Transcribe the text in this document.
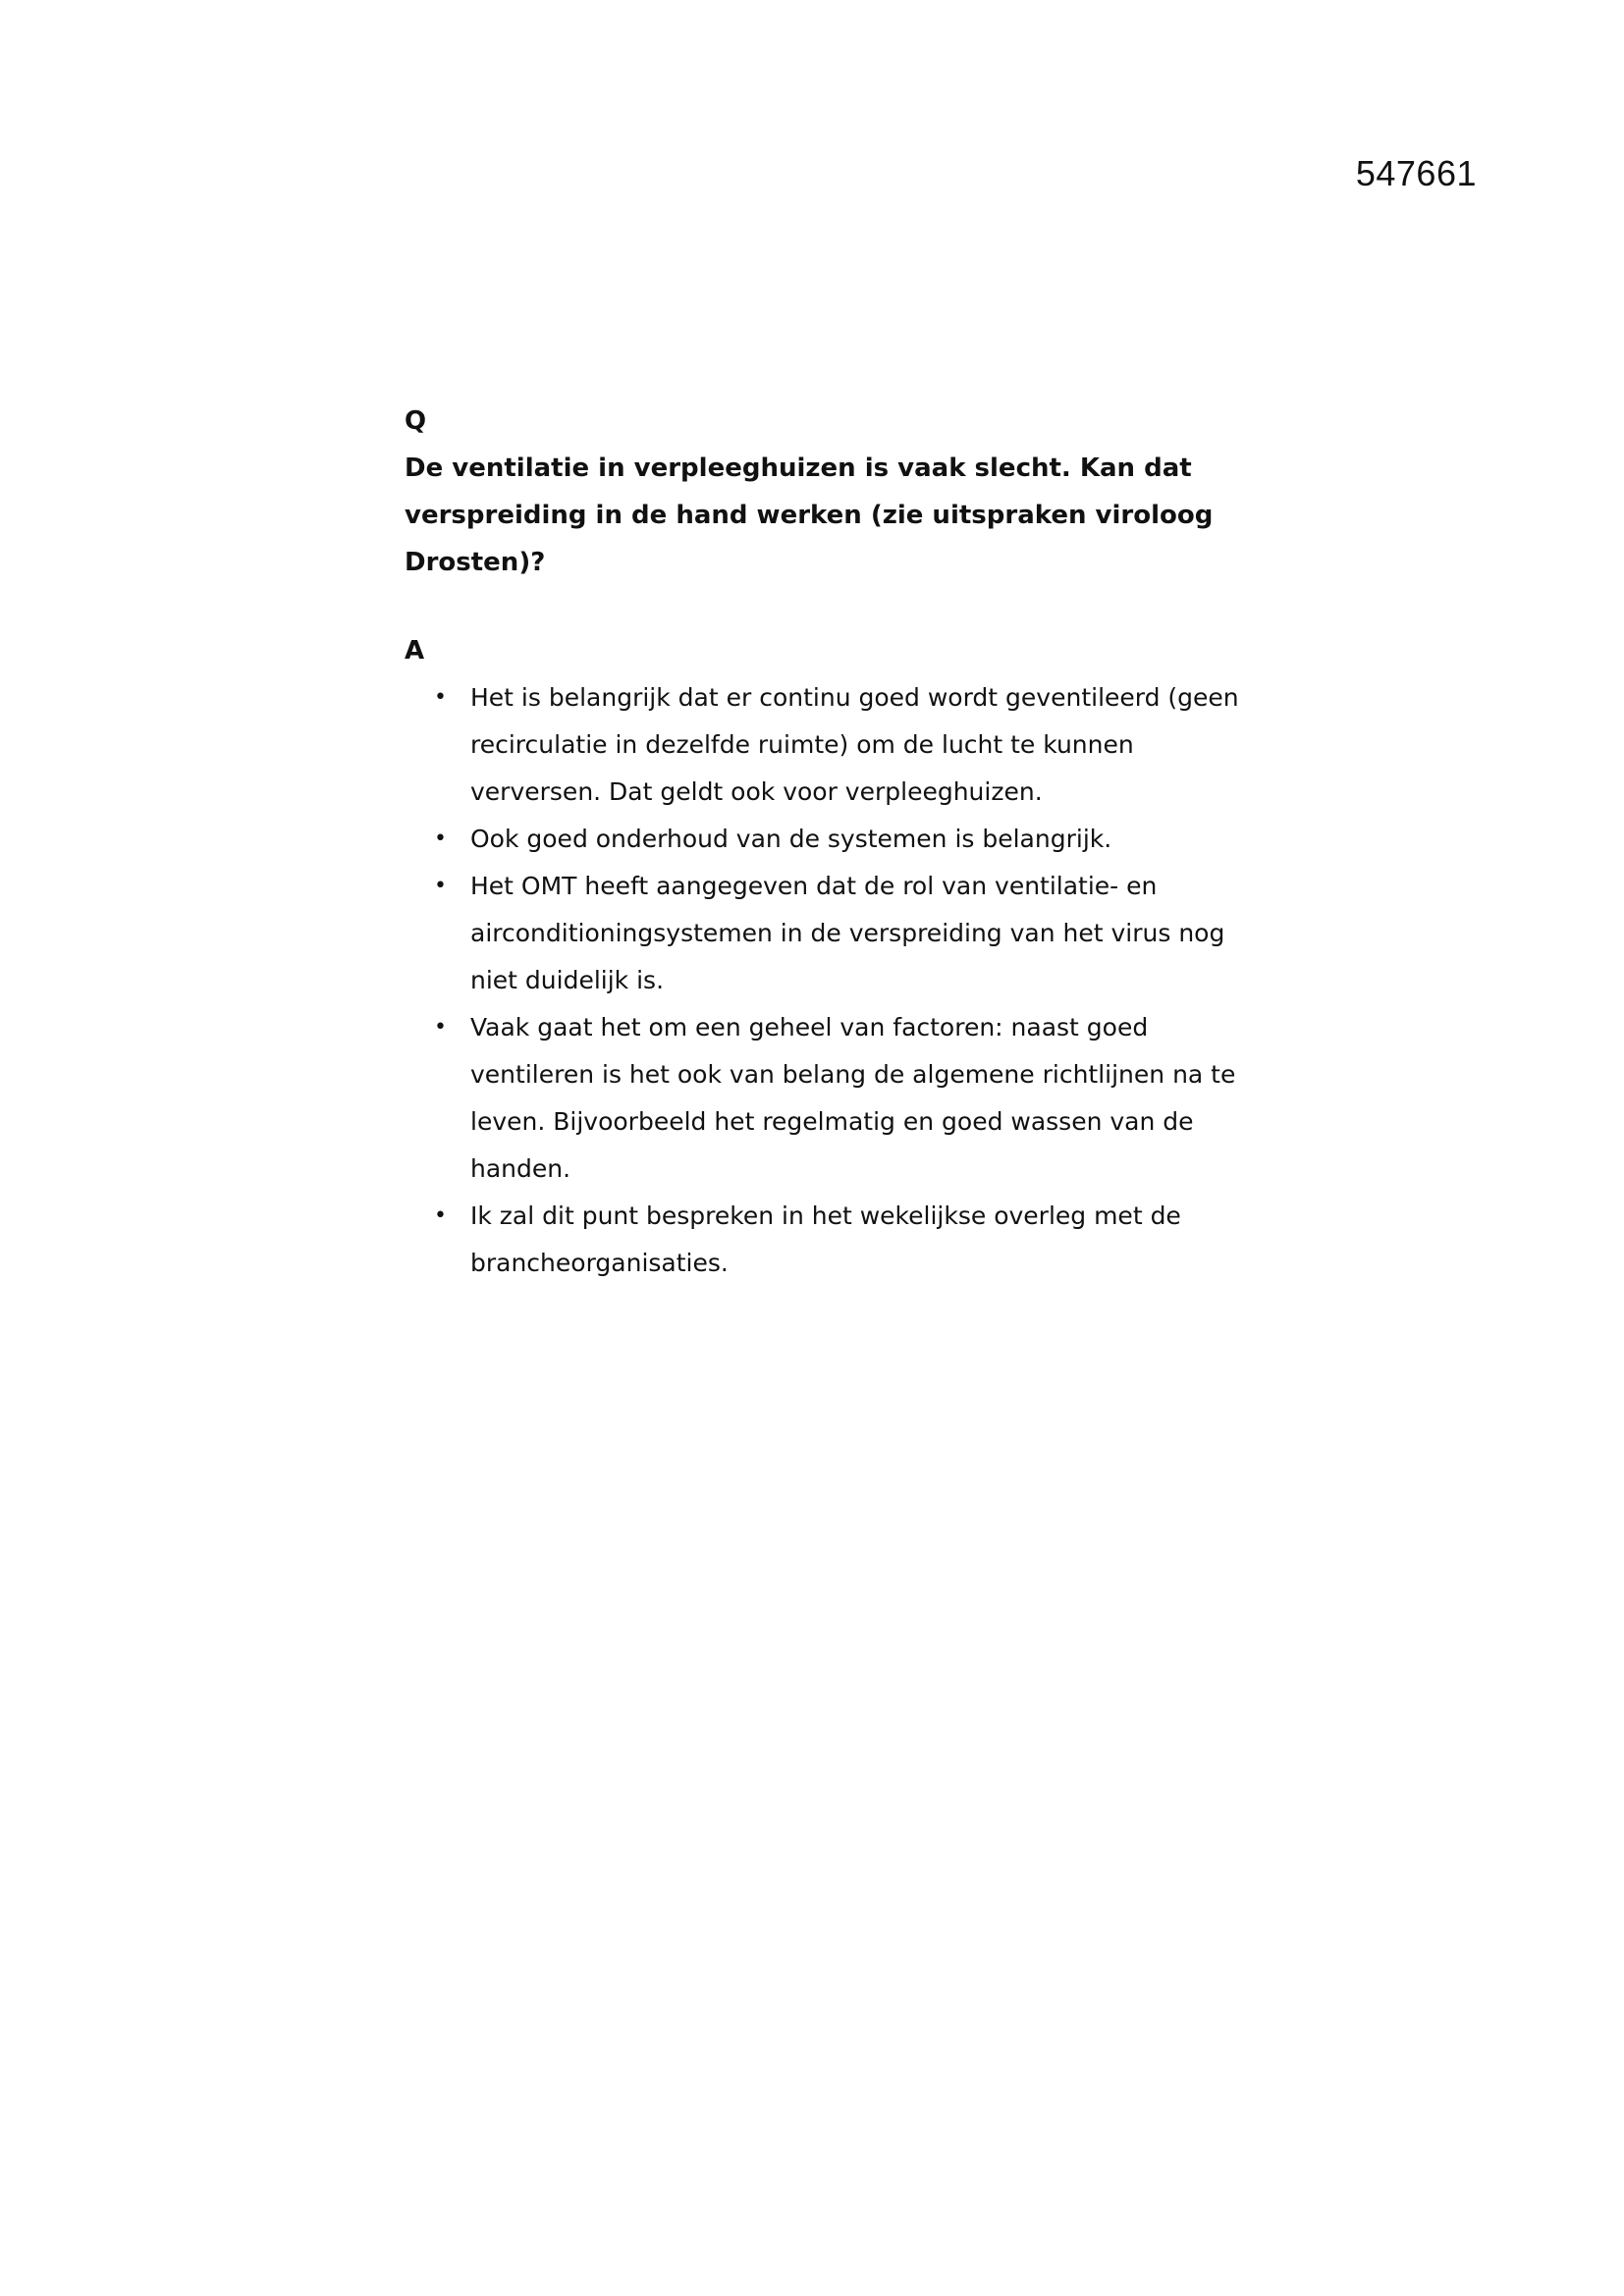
547661

Q

De ventilatie in verpleeghuizen is vaak slecht. Kan dat verspreiding in de hand werken (zie uitspraken viroloog Drosten)?

A

• Het is belangrijk dat er continu goed wordt geventileerd (geen recirculatie in dezelfde ruimte) om de lucht te kunnen verversen. Dat geldt ook voor verpleeghuizen.
• Ook goed onderhoud van de systemen is belangrijk.
• Het OMT heeft aangegeven dat de rol van ventilatie- en airconditioningsystemen in de verspreiding van het virus nog niet duidelijk is.
• Vaak gaat het om een geheel van factoren: naast goed ventileren is het ook van belang de algemene richtlijnen na te leven. Bijvoorbeeld het regelmatig en goed wassen van de handen.
• Ik zal dit punt bespreken in het wekelijkse overleg met de brancheorganisaties.
